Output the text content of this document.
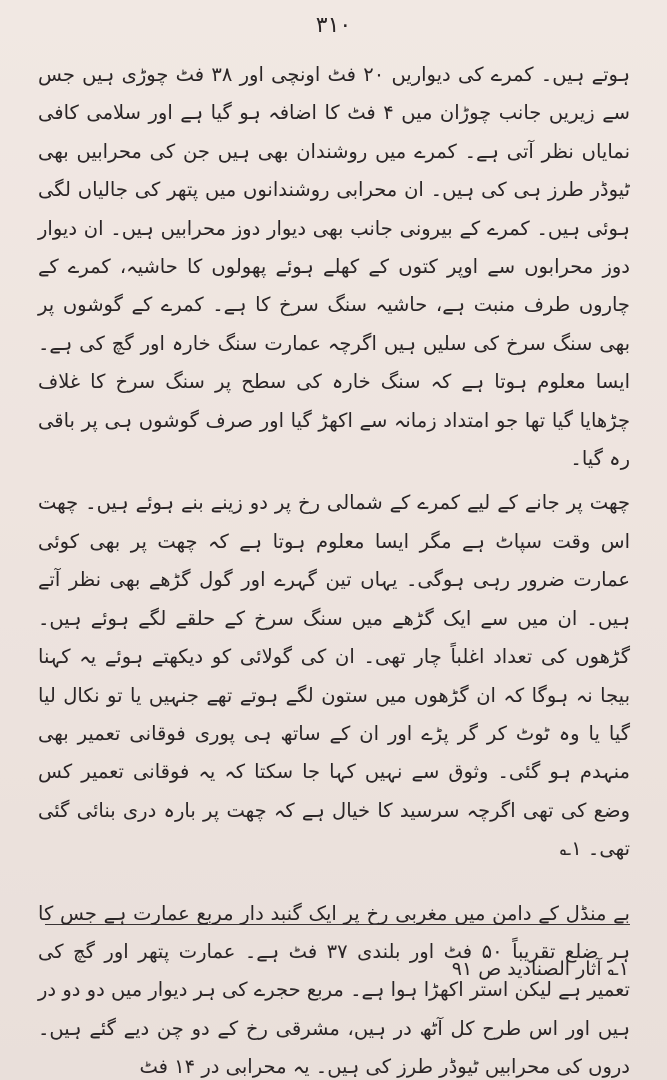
۳۱۰

ہوتے ہیں۔ کمرے کی دیواریں ۲۰ فٹ اونچی اور ۳۸ فٹ چوڑی ہیں جس سے زیریں جانب چوڑان میں ۴ فٹ کا اضافہ ہو گیا ہے اور سلامی کافی نمایاں نظر آتی ہے۔ کمرے میں روشندان بھی ہیں جن کی محرابیں بھی ٹیوڈر طرز ہی کی ہیں۔ ان محرابی روشندانوں میں پتھر کی جالیاں لگی ہوئی ہیں۔ کمرے کے بیرونی جانب بھی دیوار دوز محرابیں ہیں۔ ان دیوار دوز محرابوں سے اوپر کتوں کے کھلے ہوئے پھولوں کا حاشیہ، کمرے کے چاروں طرف منبت ہے، حاشیہ سنگ سرخ کا ہے۔ کمرے کے گوشوں پر بھی سنگ سرخ کی سلیں ہیں اگرچہ عمارت سنگ خارہ اور گچ کی ہے۔ ایسا معلوم ہوتا ہے کہ سنگ خارہ کی سطح پر سنگ سرخ کا غلاف چڑھایا گیا تھا جو امتداد زمانہ سے اکھڑ گیا اور صرف گوشوں ہی پر باقی رہ گیا۔

چھت پر جانے کے لیے کمرے کے شمالی رخ پر دو زینے بنے ہوئے ہیں۔ چھت اس وقت سپاٹ ہے مگر ایسا معلوم ہوتا ہے کہ چھت پر بھی کوئی عمارت ضرور رہی ہوگی۔ یہاں تین گہرے اور گول گڑھے بھی نظر آتے ہیں۔ ان میں سے ایک گڑھے میں سنگ سرخ کے حلقے لگے ہوئے ہیں۔ گڑھوں کی تعداد اغلباً چار تھی۔ ان کی گولائی کو دیکھتے ہوئے یہ کہنا بیجا نہ ہوگا کہ ان گڑھوں میں ستون لگے ہوتے تھے جنہیں یا تو نکال لیا گیا یا وہ ٹوٹ کر گر پڑے اور ان کے ساتھ ہی پوری فوقانی تعمیر بھی منہدم ہو گئی۔ وثوق سے نہیں کہا جا سکتا کہ یہ فوقانی تعمیر کس وضع کی تھی اگرچہ سرسید کا خیال ہے کہ چھت پر بارہ دری بنائی گئی تھی۔ ۱؎

بے منڈل کے دامن میں مغربی رخ پر ایک گنبد دار مربع عمارت ہے جس کا ہر ضلع تقریباً ۵۰ فٹ اور بلندی ۳۷ فٹ ہے۔ عمارت پتھر اور گچ کی تعمیر ہے لیکن استر اکھڑا ہوا ہے۔ مربع حجرے کی ہر دیوار میں دو دو در ہیں اور اس طرح کل آٹھ در ہیں، مشرقی رخ کے دو چن دیے گئے ہیں۔ دروں کی محرابیں ٹیوڈر طرز کی ہیں۔ یہ محرابی در ۱۴ فٹ

۱؎ آثار الصنادید ص ۹۱
